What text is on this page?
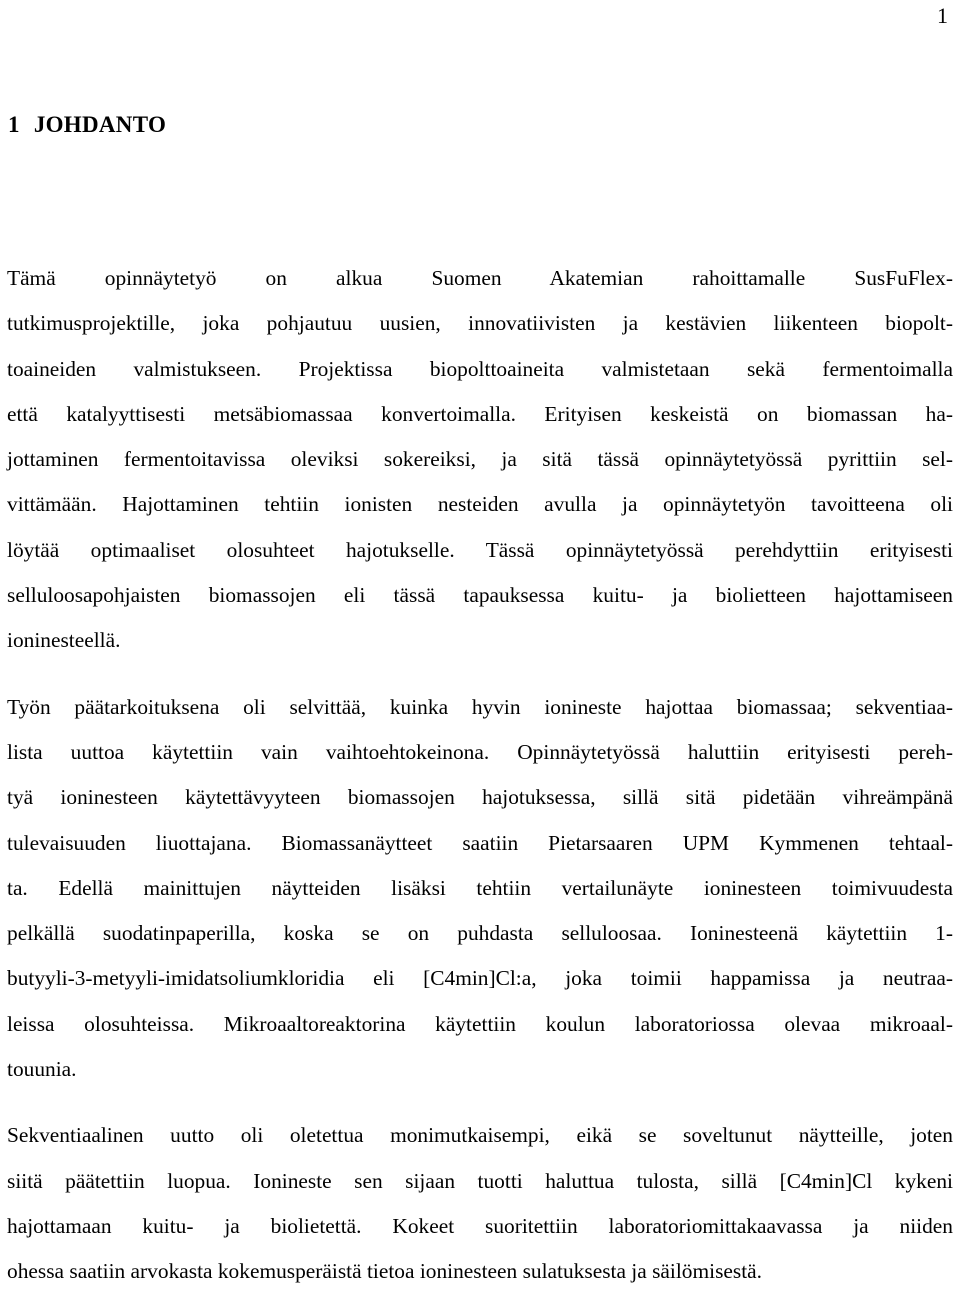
1
1 JOHDANTO

Tämä opinnäytetyö on alkua Suomen Akatemian rahoittamalle SusFuFlex-
tutkimusprojektille, joka pohjautuu uusien, innovatiivisten ja kestävien liikenteen biopolt-
toaineiden valmistukseen. Projektissa biopolttoaineita valmistetaan sekä fermentoimalla
että katalyyttisesti metsäbiomassaa konvertoimalla. Erityisen keskeistä on biomassan ha-
jottaminen fermentoitavissa oleviksi sokereiksi, ja sitä tässä opinnäytetyössä pyrittiin sel-
vittämään. Hajottaminen tehtiin ionisten nesteiden avulla ja opinnäytetyön tavoitteena oli
löytää optimaaliset olosuhteet hajotukselle. Tässä opinnäytetyössä perehdyttiin erityisesti
selluloosapohjaisten biomassojen eli tässä tapauksessa kuitu- ja biolietteen hajottamiseen
ioninesteellä.

Työn päätarkoituksena oli selvittää, kuinka hyvin ionineste hajottaa biomassaa; sekventiaa-
lista uuttoa käytettiin vain vaihtoehtokeinona. Opinnäytetyössä haluttiin erityisesti pereh-
tyä ioninesteen käytettävyyteen biomassojen hajotuksessa, sillä sitä pidetään vihreämpänä
tulevaisuuden liuottajana. Biomassanäytteet saatiin Pietarsaaren UPM Kymmenen tehtaal-
ta. Edellä mainittujen näytteiden lisäksi tehtiin vertailunäyte ioninesteen toimivuudesta
pelkällä suodatinpaperilla, koska se on puhdasta selluloosaa. Ioninesteenä käytettiin 1-
butyyli-3-metyyli-imidatsoliumkloridia eli [C4min]Cl:a, joka toimii happamissa ja neutraa-
leissa olosuhteissa. Mikroaaltoreaktorina käytettiin koulun laboratoriossa olevaa mikroaal-
touunia.

Sekventiaalinen uutto oli oletettua monimutkaisempi, eikä se soveltunut näytteille, joten
siitä päätettiin luopua. Ionineste sen sijaan tuotti haluttua tulosta, sillä [C4min]Cl kykeni
hajottamaan kuitu- ja biolietettä. Kokeet suoritettiin laboratoriomittakaavassa ja niiden
ohessa saatiin arvokasta kokemusperäistä tietoa ioninesteen sulatuksesta ja säilömisestä.
